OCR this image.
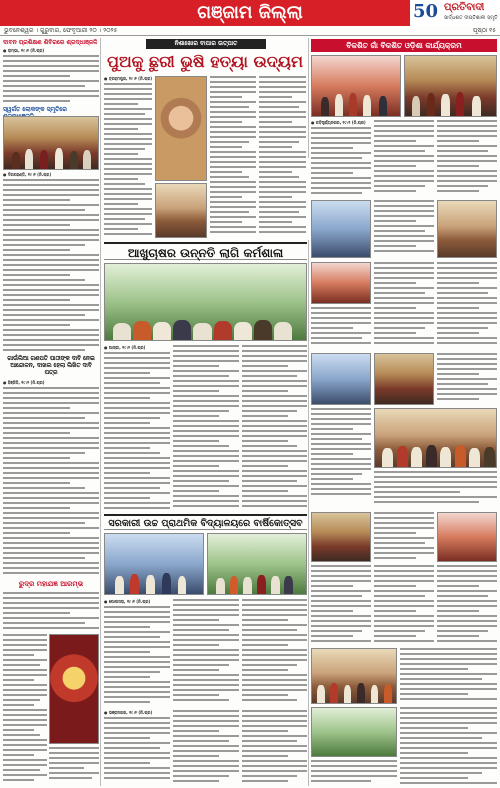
ଗଞ୍ଜାମ ଜିଲ୍ଲା	50 ପ୍ରତିବାଦୀ
ସାର୍ଦ୍ଧଶତ ଦୀପ୍ତିଶାଳୀ ସ୍ମୃତି
ଭୁବନେଶ୍ୱର । ଗୁରୁବାର, ଫେବୃଆରୀ ୨୦ । ୨୦୨୫	ପୃଷ୍ଠା ୧୫
ଦାବନ ପ୍ରଶିକ୍ଷଣ ଶିବିରରେ ଶ୍ରଦ୍ଧାଞ୍ଜଳି
● ରାମ୍ଭା, ୧୯।୨ (ନି.ପ୍ର)
ସ୍ୱର୍ଗତ ଲୋକଙ୍କ ସ୍ମୃତିରେ
● ଦିଗପହଣ୍ଡି, ୧୯।୨ (ନି.ପ୍ର)
ଗାଉଁଲିଆ ଗଣପତି ପାଠୀଙ୍କ ଦାବି ନେଇ ଆନ୍ଦୋଳନ, ଦାଖଲ ହେଲା ଲିଖିତ ଦାବି ପତ୍ର
● ହିଞ୍ଜିଳି, ୧୯।୨ (ନି.ପ୍ର)
ରୁଦ୍ର ମହାଯଜ୍ଞ ଆରମ୍ଭ
ନିଶାଖୋର ବାପାର ଉତ୍ପାତ
ପୁଅକୁ ଛୁରୀ ଭୁଷି ହତ୍ୟା ଉଦ୍ୟମ
● ବ୍ରହ୍ମପୁର, ୧୯।୨ (ନି.ପ୍ର)
ବିକଶିତ ଗାଁ ବିକଶିତ ଓଡ଼ିଶା କାର୍ଯ୍ୟକ୍ରମ
● କବିସୂର୍ଯ୍ୟନଗର, ୧୯।୨ (ନି.ପ୍ର)
ଆଖୁଚାଷର ଉନ୍ନତି ଲାଗି କର୍ମଶାଳା
● ଆସ୍କା, ୧୯।୨ (ନି.ପ୍ର)
ସରକାରୀ ଉଚ୍ଚ ପ୍ରାଥମିକ ବିଦ୍ୟାଳୟରେ ବାର୍ଷିକୋତ୍ସବ
● ପୋଲସରା, ୧୯।୨ (ନି.ପ୍ର)
● ଭଞ୍ଜନଗର, ୧୯।୨ (ନି.ପ୍ର)
